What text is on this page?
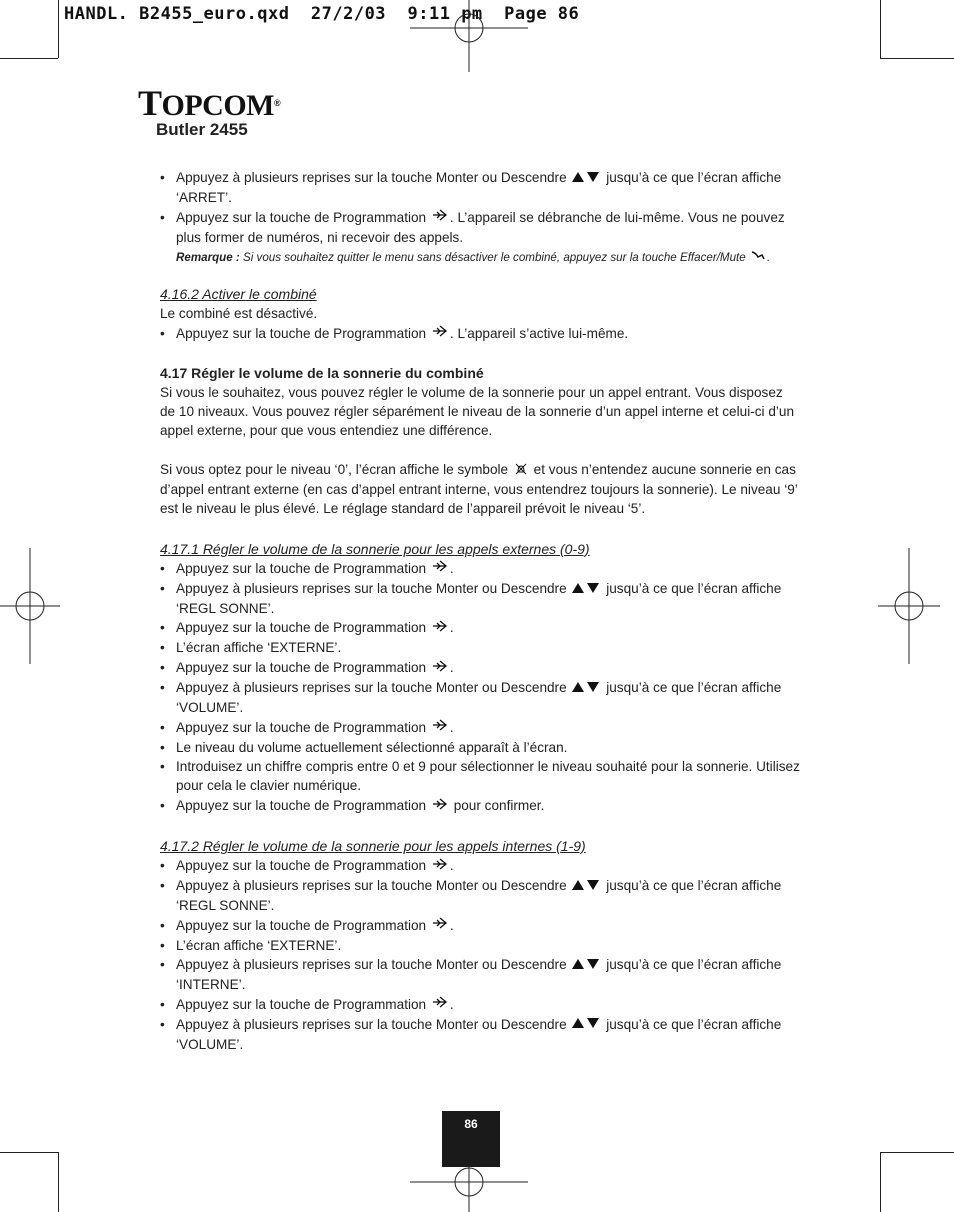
HANDL. B2455_euro.qxd  27/2/03  9:11 pm  Page 86
TOPCOM®
Butler 2455
• Appuyez à plusieurs reprises sur la touche Monter ou Descendre	jusqu’à ce que l’écran affiche ‘ARRET’.
• Appuyez sur la touche de Programmation . L’appareil se débranche de lui-même. Vous ne pouvez plus former de numéros, ni recevoir des appels.
Remarque : Si vous souhaitez quitter le menu sans désactiver le combiné, appuyez sur la touche Effacer/Mute .
4.16.2 Activer le combiné

Le combiné est désactivé.

• Appuyez sur la touche de Programmation . L’appareil s’active lui-même.
4.17 Régler le volume de la sonnerie du combiné

Si vous le souhaitez, vous pouvez régler le volume de la sonnerie pour un appel entrant. Vous disposez de 10 niveaux. Vous pouvez régler séparément le niveau de la sonnerie d’un appel interne et celui-ci d’un appel externe, pour que vous entendiez une différence.

Si vous optez pour le niveau ‘0’, l’écran affiche le symbole et vous n’entendez aucune sonnerie en cas d’appel entrant externe (en cas d’appel entrant interne, vous entendrez toujours la sonnerie). Le niveau ‘9’ est le niveau le plus élevé. Le réglage standard de l’appareil prévoit le niveau ‘5’.

4.17.1 Régler le volume de la sonnerie pour les appels externes (0-9)
• Appuyez sur la touche de Programmation .
• Appuyez à plusieurs reprises sur la touche Monter ou Descendre	jusqu’à ce que l’écran affiche ‘REGL SONNE’.
• Appuyez sur la touche de Programmation .
• L’écran affiche ‘EXTERNE’.
• Appuyez sur la touche de Programmation .
• Appuyez à plusieurs reprises sur la touche Monter ou Descendre	jusqu’à ce que l’écran affiche ‘VOLUME’.
• Appuyez sur la touche de Programmation .
• Le niveau du volume actuellement sélectionné apparaît à l’écran.
• Introduisez un chiffre compris entre 0 et 9 pour sélectionner le niveau souhaité pour la sonnerie. Utilisez pour cela le clavier numérique.
• Appuyez sur la touche de Programmation pour confirmer.
4.17.2 Régler le volume de la sonnerie pour les appels internes (1-9)
• Appuyez sur la touche de Programmation .
• Appuyez à plusieurs reprises sur la touche Monter ou Descendre	jusqu’à ce que l’écran affiche ‘REGL SONNE’.
• Appuyez sur la touche de Programmation .
• L’écran affiche ‘EXTERNE’.
• Appuyez à plusieurs reprises sur la touche Monter ou Descendre	jusqu’à ce que l’écran affiche ‘INTERNE’.
• Appuyez sur la touche de Programmation .
• Appuyez à plusieurs reprises sur la touche Monter ou Descendre	jusqu’à ce que l’écran affiche ‘VOLUME’.
86
